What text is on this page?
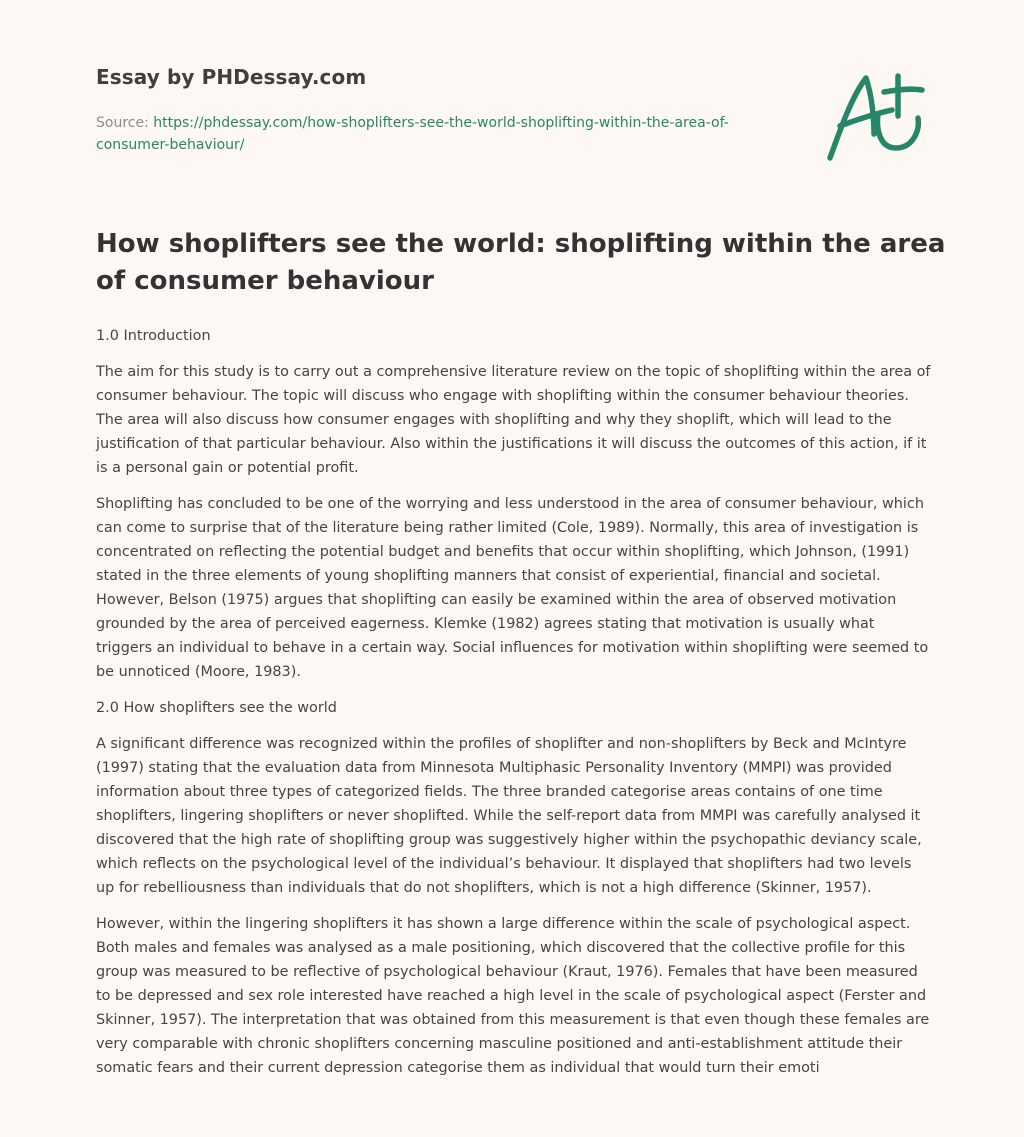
Essay by PHDessay.com
Source: https://phdessay.com/how-shoplifters-see-the-world-shoplifting-within-the-area-of-consumer-behaviour/
How shoplifters see the world: shoplifting within the area of consumer behaviour

1.0 Introduction

The aim for this study is to carry out a comprehensive literature review on the topic of shoplifting within the area of consumer behaviour. The topic will discuss who engage with shoplifting within the consumer behaviour theories. The area will also discuss how consumer engages with shoplifting and why they shoplift, which will lead to the justification of that particular behaviour. Also within the justifications it will discuss the outcomes of this action, if it is a personal gain or potential profit.

Shoplifting has concluded to be one of the worrying and less understood in the area of consumer behaviour, which can come to surprise that of the literature being rather limited (Cole, 1989). Normally, this area of investigation is concentrated on reflecting the potential budget and benefits that occur within shoplifting, which Johnson, (1991) stated in the three elements of young shoplifting manners that consist of experiential, financial and societal. However, Belson (1975) argues that shoplifting can easily be examined within the area of observed motivation grounded by the area of perceived eagerness. Klemke (1982) agrees stating that motivation is usually what triggers an individual to behave in a certain way. Social influences for motivation within shoplifting were seemed to be unnoticed (Moore, 1983).

2.0 How shoplifters see the world

A significant difference was recognized within the profiles of shoplifter and non-shoplifters by Beck and McIntyre (1997) stating that the evaluation data from Minnesota Multiphasic Personality Inventory (MMPI) was provided information about three types of categorized fields. The three branded categorise areas contains of one time shoplifters, lingering shoplifters or never shoplifted. While the self-report data from MMPI was carefully analysed it discovered that the high rate of shoplifting group was suggestively higher within the psychopathic deviancy scale, which reflects on the psychological level of the individual’s behaviour. It displayed that shoplifters had two levels up for rebelliousness than individuals that do not shoplifters, which is not a high difference (Skinner, 1957).

However, within the lingering shoplifters it has shown a large difference within the scale of psychological aspect. Both males and females was analysed as a male positioning, which discovered that the collective profile for this group was measured to be reflective of psychological behaviour (Kraut, 1976). Females that have been measured to be depressed and sex role interested have reached a high level in the scale of psychological aspect (Ferster and Skinner, 1957). The interpretation that was obtained from this measurement is that even though these females are very comparable with chronic shoplifters concerning masculine positioned and anti-establishment attitude their somatic fears and their current depression categorise them as individual that would turn their emoti
